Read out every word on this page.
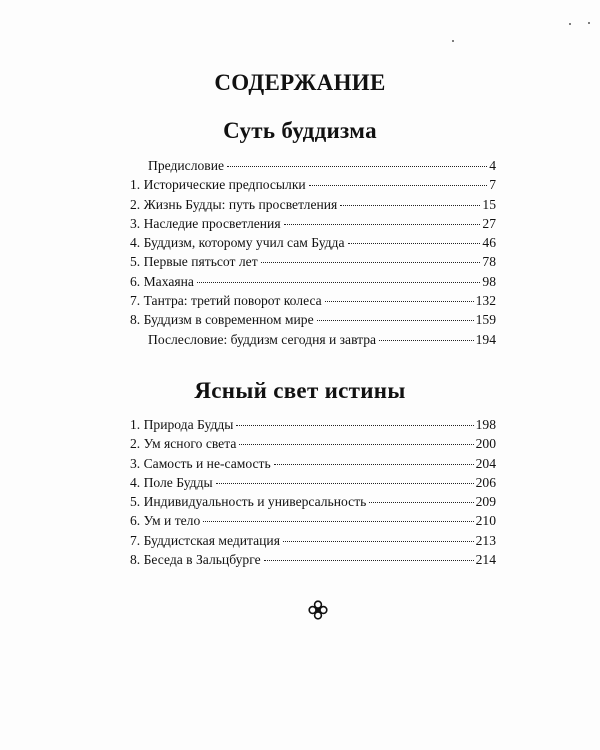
СОДЕРЖАНИЕ
Суть буддизма
Предисловие	4
1. Исторические предпосылки	7
2. Жизнь Будды: путь просветления	15
3. Наследие просветления	27
4. Буддизм, которому учил сам Будда	46
5. Первые пятьсот лет	78
6. Махаяна	98
7. Тантра: третий поворот колеса	132
8. Буддизм в современном мире	159
Послесловие: буддизм сегодня и завтра	194
Ясный свет истины
1. Природа Будды	198
2. Ум ясного света	200
3. Самость и не-самость	204
4. Поле Будды	206
5. Индивидуальность и универсальность	209
6. Ум и тело	210
7. Буддистская медитация	213
8. Беседа в Зальцбурге	214
